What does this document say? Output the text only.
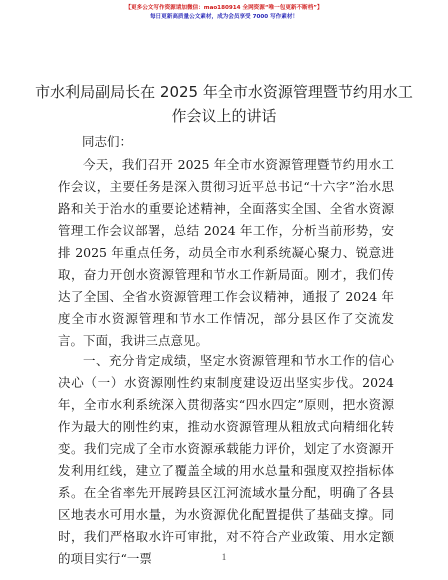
【更多公文写作资源请加微信：mao180914 全网资源“唯一包更新不断档”】
每日更新高质量公文素材，成为会员享受 7000 写作素材！
市水利局副局长在 2025 年全市水资源管理暨节约用水工作会议上的讲话
同志们：

今天，我们召开 2025 年全市水资源管理暨节约用水工作会议，主要任务是深入贯彻习近平总书记“十六字”治水思路和关于治水的重要论述精神，全面落实全国、全省水资源管理工作会议部署，总结 2024 年工作，分析当前形势，安排 2025 年重点任务，动员全市水利系统凝心聚力、锐意进取，奋力开创水资源管理和节水工作新局面。刚才，我们传达了全国、全省水资源管理工作会议精神，通报了 2024 年度全市水资源管理和节水工作情况，部分县区作了交流发言。下面，我讲三点意见。

一、充分肯定成绩，坚定水资源管理和节水工作的信心决心（一）水资源刚性约束制度建设迈出坚实步伐。2024 年，全市水利系统深入贯彻落实“四水四定”原则，把水资源作为最大的刚性约束，推动水资源管理从粗放式向精细化转变。我们完成了全市水资源承载能力评价，划定了水资源开发利用红线，建立了覆盖全域的用水总量和强度双控指标体系。在全省率先开展跨县区江河流域水量分配，明确了各县区地表水可用水量，为水资源优化配置提供了基础支撑。同时，我们严格取水许可审批，对不符合产业政策、用水定额的项目实行“一票	1
